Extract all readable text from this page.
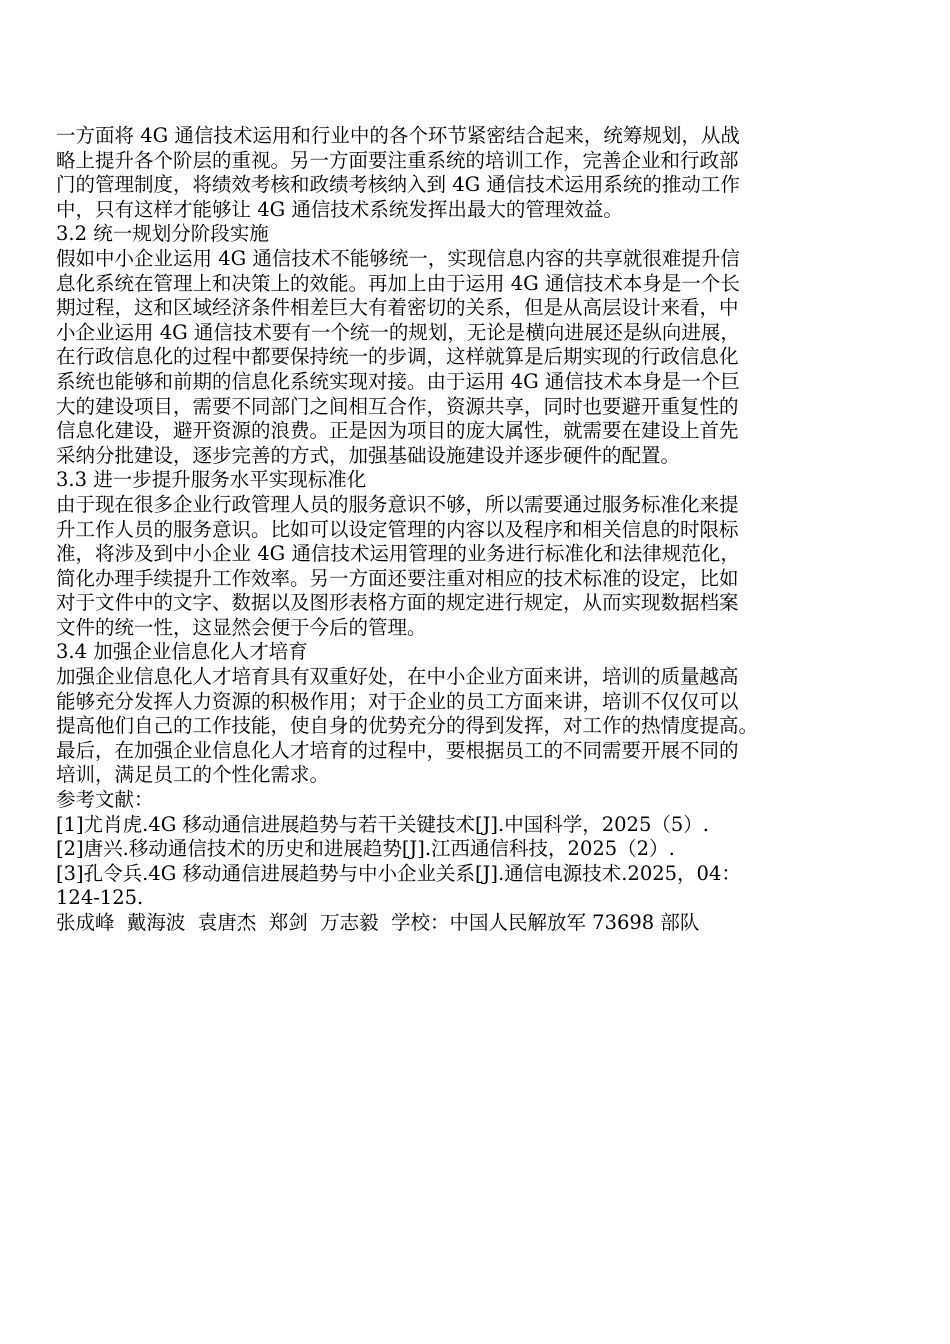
一方面将 4G 通信技术运用和行业中的各个环节紧密结合起来，统筹规划，从战
略上提升各个阶层的重视。另一方面要注重系统的培训工作，完善企业和行政部
门的管理制度，将绩效考核和政绩考核纳入到 4G 通信技术运用系统的推动工作
中，只有这样才能够让 4G 通信技术系统发挥出最大的管理效益。

3.2 统一规划分阶段实施

假如中小企业运用 4G 通信技术不能够统一，实现信息内容的共享就很难提升信
息化系统在管理上和决策上的效能。再加上由于运用 4G 通信技术本身是一个长
期过程，这和区域经济条件相差巨大有着密切的关系，但是从高层设计来看，中
小企业运用 4G 通信技术要有一个统一的规划，无论是横向进展还是纵向进展，
在行政信息化的过程中都要保持统一的步调，这样就算是后期实现的行政信息化
系统也能够和前期的信息化系统实现对接。由于运用 4G 通信技术本身是一个巨
大的建设项目，需要不同部门之间相互合作，资源共享，同时也要避开重复性的
信息化建设，避开资源的浪费。正是因为项目的庞大属性，就需要在建设上首先
采纳分批建设，逐步完善的方式，加强基础设施建设并逐步硬件的配置。

3.3 进一步提升服务水平实现标准化

由于现在很多企业行政管理人员的服务意识不够，所以需要通过服务标准化来提
升工作人员的服务意识。比如可以设定管理的内容以及程序和相关信息的时限标
准，将涉及到中小企业 4G 通信技术运用管理的业务进行标准化和法律规范化，
简化办理手续提升工作效率。另一方面还要注重对相应的技术标准的设定，比如
对于文件中的文字、数据以及图形表格方面的规定进行规定，从而实现数据档案
文件的统一性，这显然会便于今后的管理。

3.4 加强企业信息化人才培育

加强企业信息化人才培育具有双重好处，在中小企业方面来讲，培训的质量越高
能够充分发挥人力资源的积极作用；对于企业的员工方面来讲，培训不仅仅可以
提高他们自己的工作技能，使自身的优势充分的得到发挥，对工作的热情度提高。
最后，在加强企业信息化人才培育的过程中，要根据员工的不同需要开展不同的
培训，满足员工的个性化需求。

参考文献：

[1]尤肖虎.4G 移动通信进展趋势与若干关键技术[J].中国科学，2025（5）.

[2]唐兴.移动通信技术的历史和进展趋势[J].江西通信科技，2025（2）.

[3]孔令兵.4G 移动通信进展趋势与中小企业关系[J].通信电源技术.2025，04：
124-125.

张成峰  戴海波  袁唐杰  郑剑  万志毅  学校：中国人民解放军 73698 部队
